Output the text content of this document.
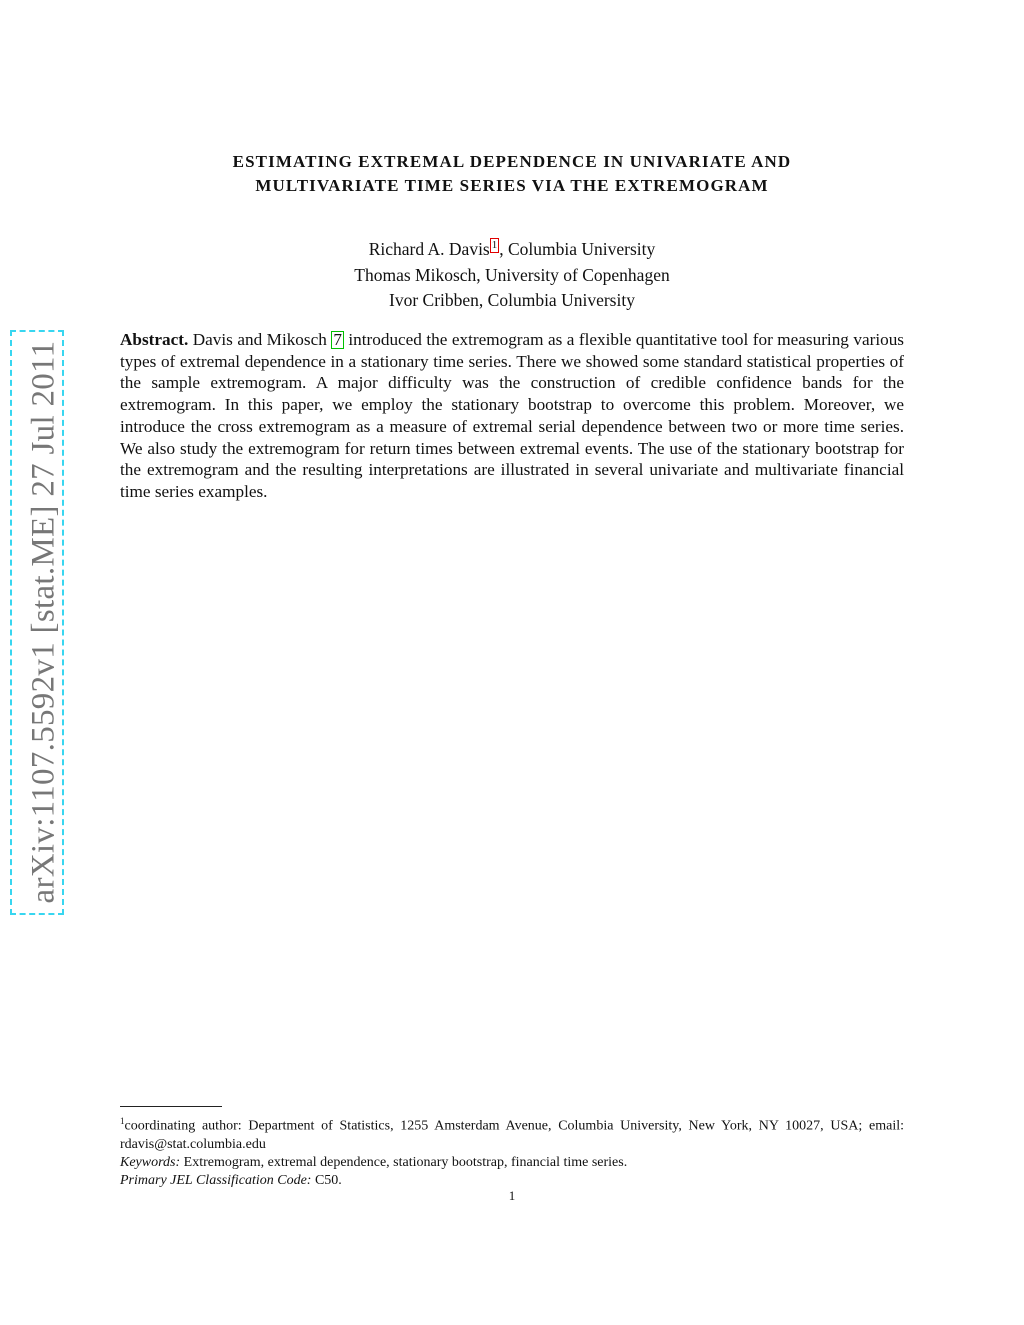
arXiv:1107.5592v1 [stat.ME] 27 Jul 2011
ESTIMATING EXTREMAL DEPENDENCE IN UNIVARIATE AND
MULTIVARIATE TIME SERIES VIA THE EXTREMOGRAM
Richard A. Davis 1 , Columbia University
Thomas Mikosch, University of Copenhagen
Ivor Cribben, Columbia University
Abstract. Davis and Mikosch 7 introduced the extremogram as a flexible quantitative tool for measuring various types of extremal dependence in a stationary time series. There we showed some standard statistical properties of the sample extremogram. A major difficulty was the construction of credible confidence bands for the extremogram. In this paper, we employ the stationary bootstrap to overcome this problem. Moreover, we introduce the cross extremogram as a measure of extremal serial dependence between two or more time series. We also study the extremogram for return times between extremal events. The use of the stationary bootstrap for the extremogram and the resulting interpretations are illustrated in several univariate and multivariate financial time series examples.
$^1$coordinating author: Department of Statistics, 1255 Amsterdam Avenue, Columbia University, New York, NY 10027, USA; email: rdavis@stat.columbia.edu
Keywords: Extremogram, extremal dependence, stationary bootstrap, financial time series.
Primary JEL Classification Code: C50.
1
